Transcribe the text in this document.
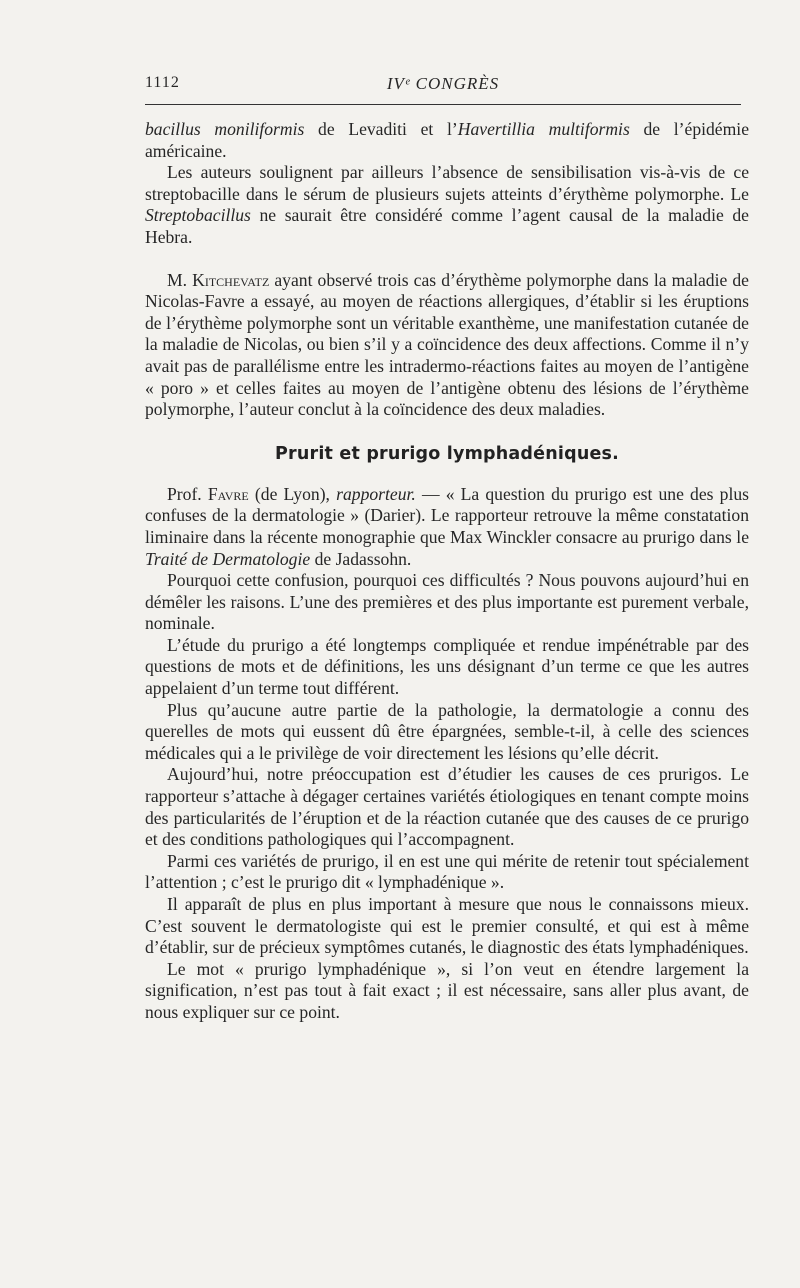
1112	IVᵉ CONGRÈS

bacillus moniliformis de Levaditi et l’Havertillia multiformis de l’épidémie américaine.

Les auteurs soulignent par ailleurs l’absence de sensibilisation vis-à-vis de ce streptobacille dans le sérum de plusieurs sujets atteints d’érythème polymorphe. Le Streptobacillus ne saurait être considéré comme l’agent causal de la maladie de Hebra.

M. Kitchevatz ayant observé trois cas d’érythème polymorphe dans la maladie de Nicolas-Favre a essayé, au moyen de réactions allergiques, d’établir si les éruptions de l’érythème polymorphe sont un véritable exanthème, une manifestation cutanée de la maladie de Nicolas, ou bien s’il y a coïncidence des deux affections. Comme il n’y avait pas de parallélisme entre les intradermo-réactions faites au moyen de l’antigène « poro » et celles faites au moyen de l’antigène obtenu des lésions de l’érythème polymorphe, l’auteur conclut à la coïncidence des deux maladies.

Prurit et prurigo lymphadéniques.

Prof. Favre (de Lyon), rapporteur. — « La question du prurigo est une des plus confuses de la dermatologie » (Darier). Le rapporteur retrouve la même constatation liminaire dans la récente monographie que Max Winckler consacre au prurigo dans le Traité de Dermatologie de Jadassohn.

Pourquoi cette confusion, pourquoi ces difficultés ? Nous pouvons aujourd’hui en démêler les raisons. L’une des premières et des plus importante est purement verbale, nominale.

L’étude du prurigo a été longtemps compliquée et rendue impénétrable par des questions de mots et de définitions, les uns désignant d’un terme ce que les autres appelaient d’un terme tout différent.

Plus qu’aucune autre partie de la pathologie, la dermatologie a connu des querelles de mots qui eussent dû être épargnées, semble-t-il, à celle des sciences médicales qui a le privilège de voir directement les lésions qu’elle décrit.

Aujourd’hui, notre préoccupation est d’étudier les causes de ces prurigos. Le rapporteur s’attache à dégager certaines variétés étiologiques en tenant compte moins des particularités de l’éruption et de la réaction cutanée que des causes de ce prurigo et des conditions pathologiques qui l’accompagnent.

Parmi ces variétés de prurigo, il en est une qui mérite de retenir tout spécialement l’attention ; c’est le prurigo dit « lymphadénique ».

Il apparaît de plus en plus important à mesure que nous le connaissons mieux. C’est souvent le dermatologiste qui est le premier consulté, et qui est à même d’établir, sur de précieux symptômes cutanés, le diagnostic des états lymphadéniques.

Le mot « prurigo lymphadénique », si l’on veut en étendre largement la signification, n’est pas tout à fait exact ; il est nécessaire, sans aller plus avant, de nous expliquer sur ce point.
